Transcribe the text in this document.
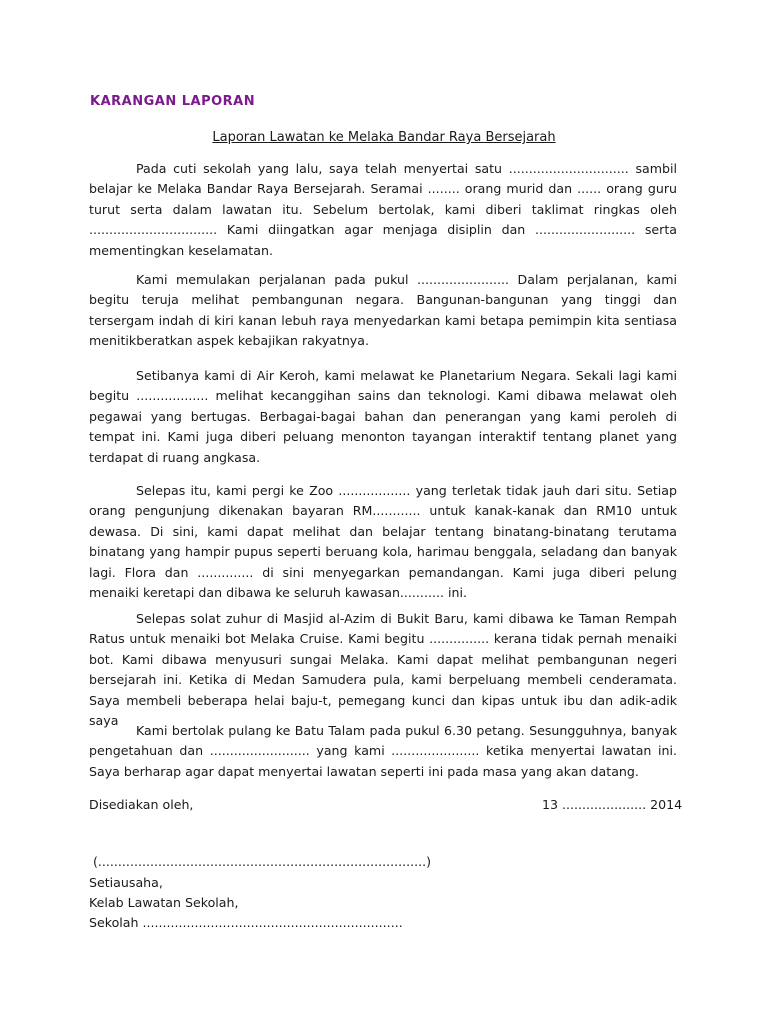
KARANGAN LAPORAN
Laporan Lawatan ke Melaka Bandar Raya Bersejarah

Pada cuti sekolah yang lalu, saya telah menyertai satu .............................. sambil belajar ke Melaka Bandar Raya Bersejarah. Seramai ........ orang murid dan ...... orang guru turut serta dalam lawatan itu. Sebelum bertolak, kami diberi taklimat ringkas oleh ................................ Kami diingatkan agar menjaga disiplin dan ......................... serta mementingkan keselamatan.

Kami memulakan perjalanan pada pukul ....................... Dalam perjalanan, kami begitu teruja melihat pembangunan negara. Bangunan-bangunan yang tinggi dan tersergam indah di kiri kanan lebuh raya menyedarkan kami betapa pemimpin kita sentiasa menitikberatkan aspek kebajikan rakyatnya.

Setibanya kami di Air Keroh, kami melawat ke Planetarium Negara. Sekali lagi kami begitu .................. melihat kecanggihan sains dan teknologi. Kami dibawa melawat oleh pegawai yang bertugas. Berbagai-bagai bahan dan penerangan yang kami peroleh di tempat ini. Kami juga diberi peluang menonton tayangan interaktif tentang planet yang terdapat di ruang angkasa.

Selepas itu, kami pergi ke Zoo .................. yang terletak tidak jauh dari situ. Setiap orang pengunjung dikenakan bayaran RM............ untuk kanak-kanak dan RM10 untuk dewasa. Di sini, kami dapat melihat dan belajar tentang binatang-binatang terutama binatang yang hampir pupus seperti beruang kola, harimau benggala, seladang dan banyak lagi. Flora dan .............. di sini menyegarkan pemandangan. Kami juga diberi pelung menaiki keretapi dan dibawa ke seluruh kawasan........... ini.

Selepas solat zuhur di Masjid al-Azim di Bukit Baru, kami dibawa ke Taman Rempah Ratus untuk menaiki bot Melaka Cruise. Kami begitu ............... kerana tidak pernah menaiki bot. Kami dibawa menyusuri sungai Melaka. Kami dapat melihat pembangunan negeri bersejarah ini. Ketika di Medan Samudera pula, kami berpeluang membeli cenderamata. Saya membeli beberapa helai baju-t, pemegang kunci dan kipas untuk ibu dan adik-adik saya

Kami bertolak pulang ke Batu Talam pada pukul 6.30 petang. Sesungguhnya, banyak pengetahuan dan ......................... yang kami ...................... ketika menyertai lawatan ini. Saya berharap agar dapat menyertai lawatan seperti ini pada masa yang akan datang.

Disediakan oleh,	13 ..................... 2014
(..................................................................................)
Setiausaha,
Kelab Lawatan Sekolah,
Sekolah .................................................................
